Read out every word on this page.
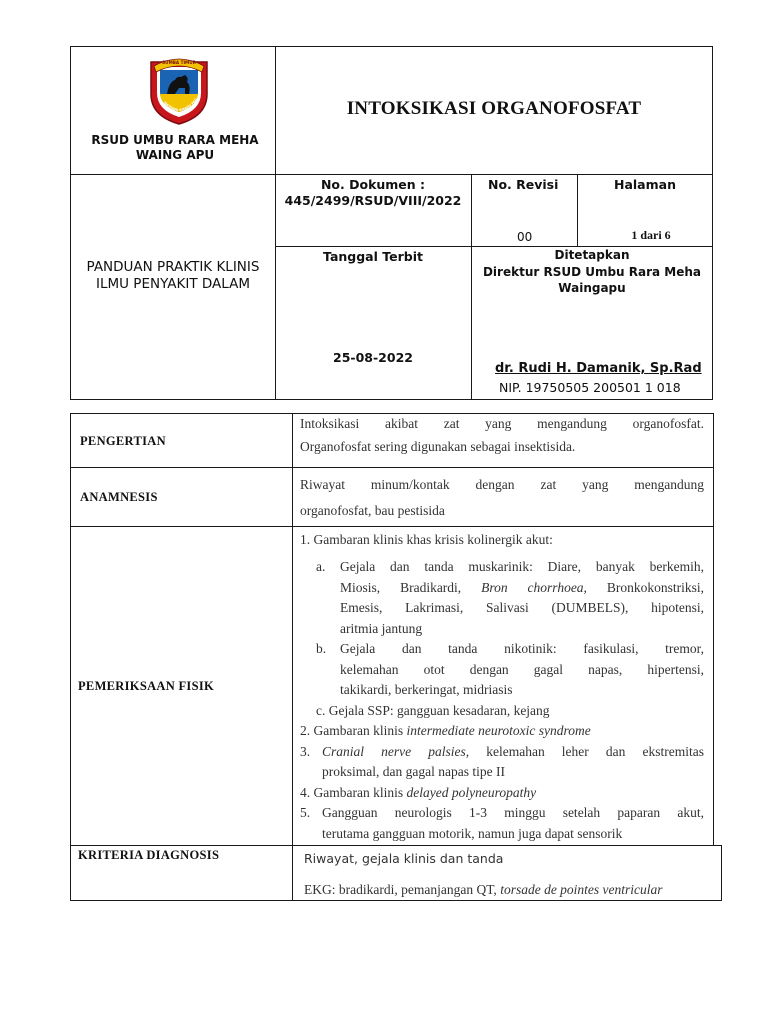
SUMBA TIMUR
MATAWAI AMAHU PAD
RSUD UMBU RARA MEHA WAING APU
INTOKSIKASI ORGANOFOSFAT
PANDUAN PRAKTIK KLINIS ILMU PENYAKIT DALAM
No. Dokumen :
445/2499/RSUD/VIII/2022
No. Revisi
00
Halaman
1 dari 6
Tanggal Terbit
25-08-2022
Ditetapkan
Direktur RSUD Umbu Rara Meha Waingapu
dr. Rudi H. Damanik, Sp.Rad
NIP. 19750505 200501 1 018
PENGERTIAN
Intoksikasi akibat zat yang mengandung organofosfat.
Organofosfat sering digunakan sebagai insektisida.
ANAMNESIS
Riwayat minum/kontak dengan zat yang mengandung
organofosfat, bau pestisida
PEMERIKSAAN FISIK
1. Gambaran klinis khas krisis kolinergik akut:
a. Gejala dan tanda muskarinik: Diare, banyak berkemih,
Miosis, Bradikardi, Bron chorrhoea, Bronkokonstriksi,
Emesis, Lakrimasi, Salivasi (DUMBELS), hipotensi,
aritmia jantung
b. Gejala dan tanda nikotinik: fasikulasi, tremor,
kelemahan otot dengan gagal napas, hipertensi,
takikardi, berkeringat, midriasis
c. Gejala SSP: gangguan kesadaran, kejang
2. Gambaran klinis intermediate neurotoxic syndrome
3. Cranial nerve palsies, kelemahan leher dan ekstremitas
proksimal, dan gagal napas tipe II
4. Gambaran klinis delayed polyneuropathy
5. Gangguan neurologis 1-3 minggu setelah paparan akut,
terutama gangguan motorik, namun juga dapat sensorik
KRITERIA DIAGNOSIS	Riwayat, gejala klinis dan tanda
EKG: bradikardi, pemanjangan QT, torsade de pointes ventricular
